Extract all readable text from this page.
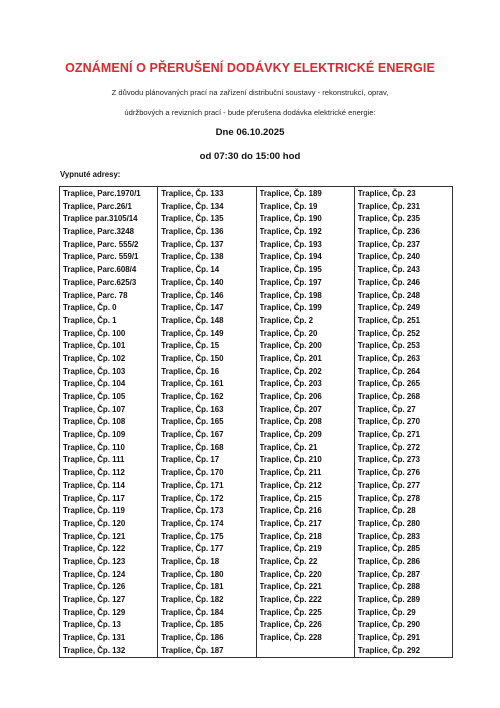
OZNÁMENÍ O PŘERUŠENÍ DODÁVKY ELEKTRICKÉ ENERGIE
Z důvodu plánovaných prací na zařízení distribuční soustavy - rekonstrukcí, oprav,
údržbových a revizních prací - bude přerušena dodávka elektrické energie:
Dne 06.10.2025
od 07:30 do 15:00 hod
Vypnuté adresy:
Traplice, Parc.1970/1
Traplice, Parc.26/1
Traplice par.3105/14
Traplice, Parc.3248
Traplice, Parc. 555/2
Traplice, Parc. 559/1
Traplice, Parc.608/4
Traplice, Parc.625/3
Traplice, Parc. 78
Traplice, Čp. 0
Traplice, Čp. 1
Traplice, Čp. 100
Traplice, Čp. 101
Traplice, Čp. 102
Traplice, Čp. 103
Traplice, Čp. 104
Traplice, Čp. 105
Traplice, Čp. 107
Traplice, Čp. 108
Traplice, Čp. 109
Traplice, Čp. 110
Traplice, Čp. 111
Traplice, Čp. 112
Traplice, Čp. 114
Traplice, Čp. 117
Traplice, Čp. 119
Traplice, Čp. 120
Traplice, Čp. 121
Traplice, Čp. 122
Traplice, Čp. 123
Traplice, Čp. 124
Traplice, Čp. 126
Traplice, Čp. 127
Traplice, Čp. 129
Traplice, Čp. 13
Traplice, Čp. 131
Traplice, Čp. 132
Traplice, Čp. 133
Traplice, Čp. 134
Traplice, Čp. 135
Traplice, Čp. 136
Traplice, Čp. 137
Traplice, Čp. 138
Traplice, Čp. 14
Traplice, Čp. 140
Traplice, Čp. 146
Traplice, Čp. 147
Traplice, Čp. 148
Traplice, Čp. 149
Traplice, Čp. 15
Traplice, Čp. 150
Traplice, Čp. 16
Traplice, Čp. 161
Traplice, Čp. 162
Traplice, Čp. 163
Traplice, Čp. 165
Traplice, Čp. 167
Traplice, Čp. 168
Traplice, Čp. 17
Traplice, Čp. 170
Traplice, Čp. 171
Traplice, Čp. 172
Traplice, Čp. 173
Traplice, Čp. 174
Traplice, Čp. 175
Traplice, Čp. 177
Traplice, Čp. 18
Traplice, Čp. 180
Traplice, Čp. 181
Traplice, Čp. 182
Traplice, Čp. 184
Traplice, Čp. 185
Traplice, Čp. 186
Traplice, Čp. 187
Traplice, Čp. 189
Traplice, Čp. 19
Traplice, Čp. 190
Traplice, Čp. 192
Traplice, Čp. 193
Traplice, Čp. 194
Traplice, Čp. 195
Traplice, Čp. 197
Traplice, Čp. 198
Traplice, Čp. 199
Traplice, Čp. 2
Traplice, Čp. 20
Traplice, Čp. 200
Traplice, Čp. 201
Traplice, Čp. 202
Traplice, Čp. 203
Traplice, Čp. 206
Traplice, Čp. 207
Traplice, Čp. 208
Traplice, Čp. 209
Traplice, Čp. 21
Traplice, Čp. 210
Traplice, Čp. 211
Traplice, Čp. 212
Traplice, Čp. 215
Traplice, Čp. 216
Traplice, Čp. 217
Traplice, Čp. 218
Traplice, Čp. 219
Traplice, Čp. 22
Traplice, Čp. 220
Traplice, Čp. 221
Traplice, Čp. 222
Traplice, Čp. 225
Traplice, Čp. 226
Traplice, Čp. 228
Traplice, Čp. 23
Traplice, Čp. 231
Traplice, Čp. 235
Traplice, Čp. 236
Traplice, Čp. 237
Traplice, Čp. 240
Traplice, Čp. 243
Traplice, Čp. 246
Traplice, Čp. 248
Traplice, Čp. 249
Traplice, Čp. 251
Traplice, Čp. 252
Traplice, Čp. 253
Traplice, Čp. 263
Traplice, Čp. 264
Traplice, Čp. 265
Traplice, Čp. 268
Traplice, Čp. 27
Traplice, Čp. 270
Traplice, Čp. 271
Traplice, Čp. 272
Traplice, Čp. 273
Traplice, Čp. 276
Traplice, Čp. 277
Traplice, Čp. 278
Traplice, Čp. 28
Traplice, Čp. 280
Traplice, Čp. 283
Traplice, Čp. 285
Traplice, Čp. 286
Traplice, Čp. 287
Traplice, Čp. 288
Traplice, Čp. 289
Traplice, Čp. 29
Traplice, Čp. 290
Traplice, Čp. 291
Traplice, Čp. 292
